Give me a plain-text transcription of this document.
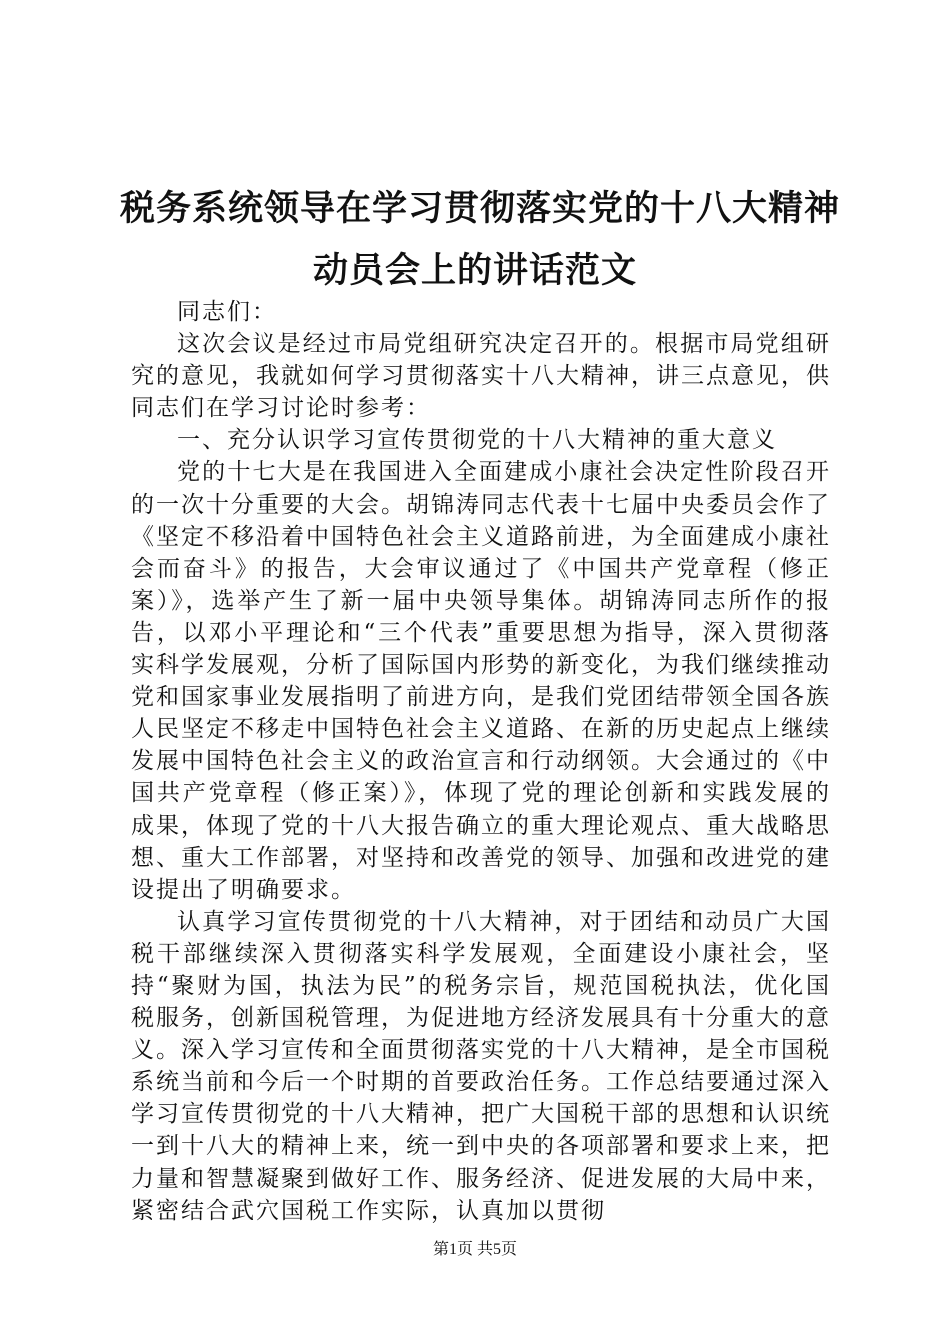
税务系统领导在学习贯彻落实党的十八大精神
动员会上的讲话范文

同志们：

这次会议是经过市局党组研究决定召开的。根据市局党组研究的意见，我就如何学习贯彻落实十八大精神，讲三点意见，供同志们在学习讨论时参考：

一、充分认识学习宣传贯彻党的十八大精神的重大意义

党的十七大是在我国进入全面建成小康社会决定性阶段召开的一次十分重要的大会。胡锦涛同志代表十七届中央委员会作了《坚定不移沿着中国特色社会主义道路前进，为全面建成小康社会而奋斗》的报告，大会审议通过了《中国共产党章程（修正案）》，选举产生了新一届中央领导集体。胡锦涛同志所作的报告，以邓小平理论和“三个代表”重要思想为指导，深入贯彻落实科学发展观，分析了国际国内形势的新变化，为我们继续推动党和国家事业发展指明了前进方向，是我们党团结带领全国各族人民坚定不移走中国特色社会主义道路、在新的历史起点上继续发展中国特色社会主义的政治宣言和行动纲领。大会通过的《中国共产党章程（修正案）》，体现了党的理论创新和实践发展的成果，体现了党的十八大报告确立的重大理论观点、重大战略思想、重大工作部署，对坚持和改善党的领导、加强和改进党的建设提出了明确要求。

认真学习宣传贯彻党的十八大精神，对于团结和动员广大国税干部继续深入贯彻落实科学发展观，全面建设小康社会，坚持“聚财为国，执法为民”的税务宗旨，规范国税执法，优化国税服务，创新国税管理，为促进地方经济发展具有十分重大的意义。深入学习宣传和全面贯彻落实党的十八大精神，是全市国税系统当前和今后一个时期的首要政治任务。工作总结要通过深入学习宣传贯彻党的十八大精神，把广大国税干部的思想和认识统一到十八大的精神上来，统一到中央的各项部署和要求上来，把力量和智慧凝聚到做好工作、服务经济、促进发展的大局中来，紧密结合武穴国税工作实际，认真加以贯彻

第1页 共5页
